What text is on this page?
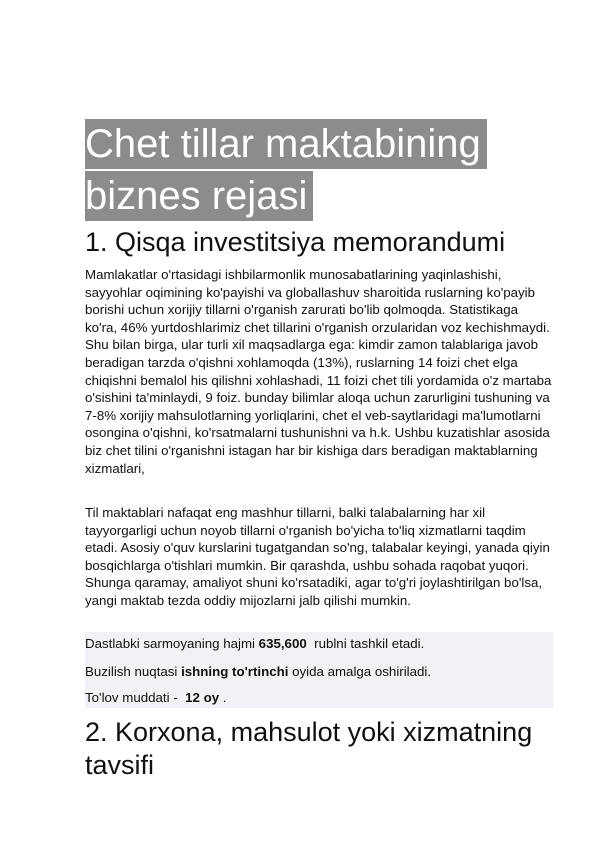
Chet tillar maktabining
biznes rejasi
1. Qisqa investitsiya memorandumi

Mamlakatlar o'rtasidagi ishbilarmonlik munosabatlarining yaqinlashishi, sayyohlar oqimining ko'payishi va globallashuv sharoitida ruslarning ko'payib borishi uchun xorijiy tillarni o'rganish zarurati bo'lib qolmoqda. Statistikaga ko'ra, 46% yurtdoshlarimiz chet tillarini o'rganish orzularidan voz kechishmaydi. Shu bilan birga, ular turli xil maqsadlarga ega: kimdir zamon talablariga javob beradigan tarzda o'qishni xohlamoqda (13%), ruslarning 14 foizi chet elga chiqishni bemalol his qilishni xohlashadi, 11 foizi chet tili yordamida o'z martaba o'sishini ta'minlaydi, 9 foiz. bunday bilimlar aloqa uchun zarurligini tushuning va 7-8% xorijiy mahsulotlarning yorliqlarini, chet el veb-saytlaridagi ma'lumotlarni osongina o'qishni, ko'rsatmalarni tushunishni va h.k. Ushbu kuzatishlar asosida biz chet tilini o'rganishni istagan har bir kishiga dars beradigan maktablarning xizmatlari,

Til maktablari nafaqat eng mashhur tillarni, balki talabalarning har xil tayyorgarligi uchun noyob tillarni o'rganish bo'yicha to'liq xizmatlarni taqdim etadi. Asosiy o'quv kurslarini tugatgandan so'ng, talabalar keyingi, yanada qiyin bosqichlarga o'tishlari mumkin. Bir qarashda, ushbu sohada raqobat yuqori. Shunga qaramay, amaliyot shuni ko'rsatadiki, agar to'g'ri joylashtirilgan bo'lsa, yangi maktab tezda oddiy mijozlarni jalb qilishi mumkin.

Dastlabki sarmoyaning hajmi 635,600  rublni tashkil etadi.
Buzilish nuqtasi ishning to'rtinchi oyida amalga oshiriladi.
To'lov muddati -  12 oy .
2. Korxona, mahsulot yoki xizmatning tavsifi
